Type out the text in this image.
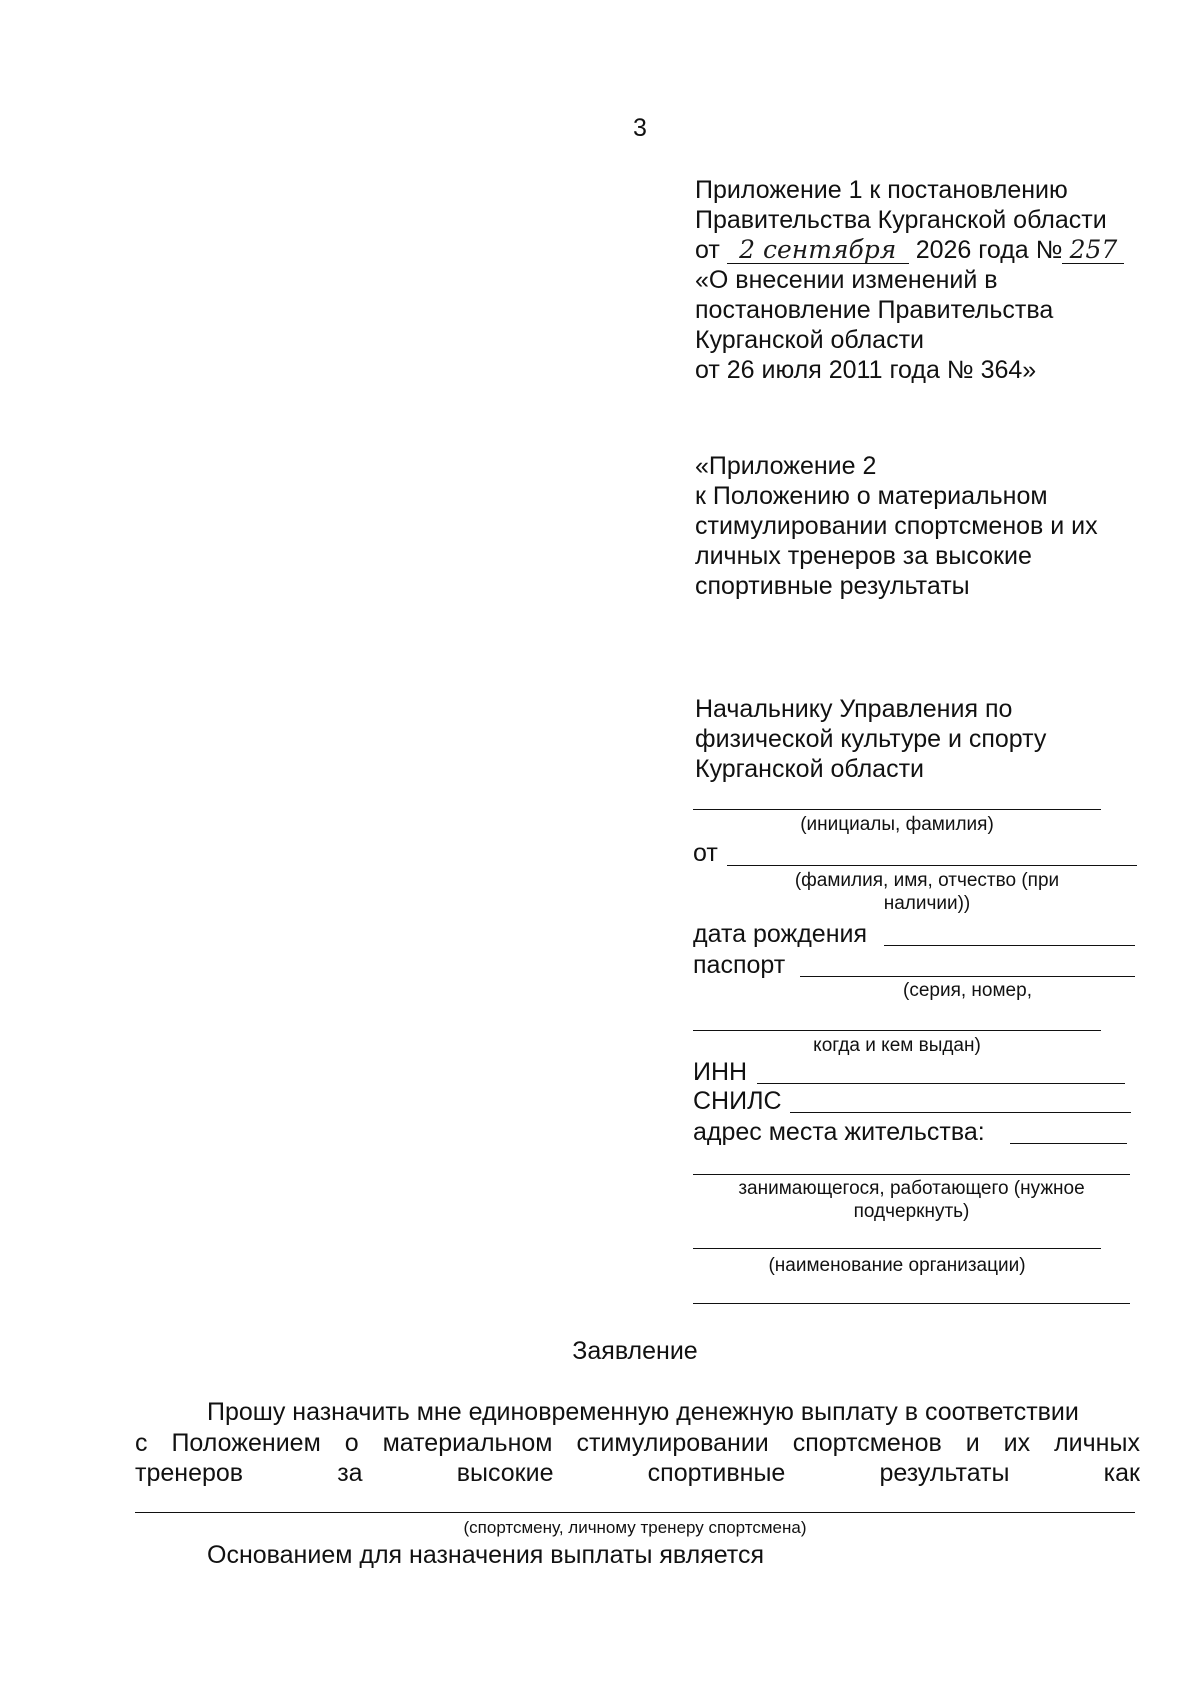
3
Приложение 1 к постановлению
Правительства Курганской области
от 2 сентября 2026 года № 257
«О внесении изменений в
постановление Правительства
Курганской области
от 26 июля 2011 года № 364»
«Приложение 2
к Положению о материальном
стимулировании спортсменов и их
личных тренеров за высокие
спортивные результаты
Начальнику Управления по
физической культуре и спорту
Курганской области
(инициалы, фамилия)
от
(фамилия, имя, отчество (при
наличии))
дата рождения
паспорт
(серия, номер,
когда и кем выдан)
ИНН
СНИЛС
адрес места жительства:
занимающегося, работающего (нужное
подчеркнуть)
(наименование организации)
Заявление
Прошу назначить мне единовременную денежную выплату в соответствии
с Положением о материальном стимулировании спортсменов и их личных
тренеров	за	высокие	спортивные	результаты	как
(спортсмену, личному тренеру спортсмена)
Основанием для назначения выплаты является
